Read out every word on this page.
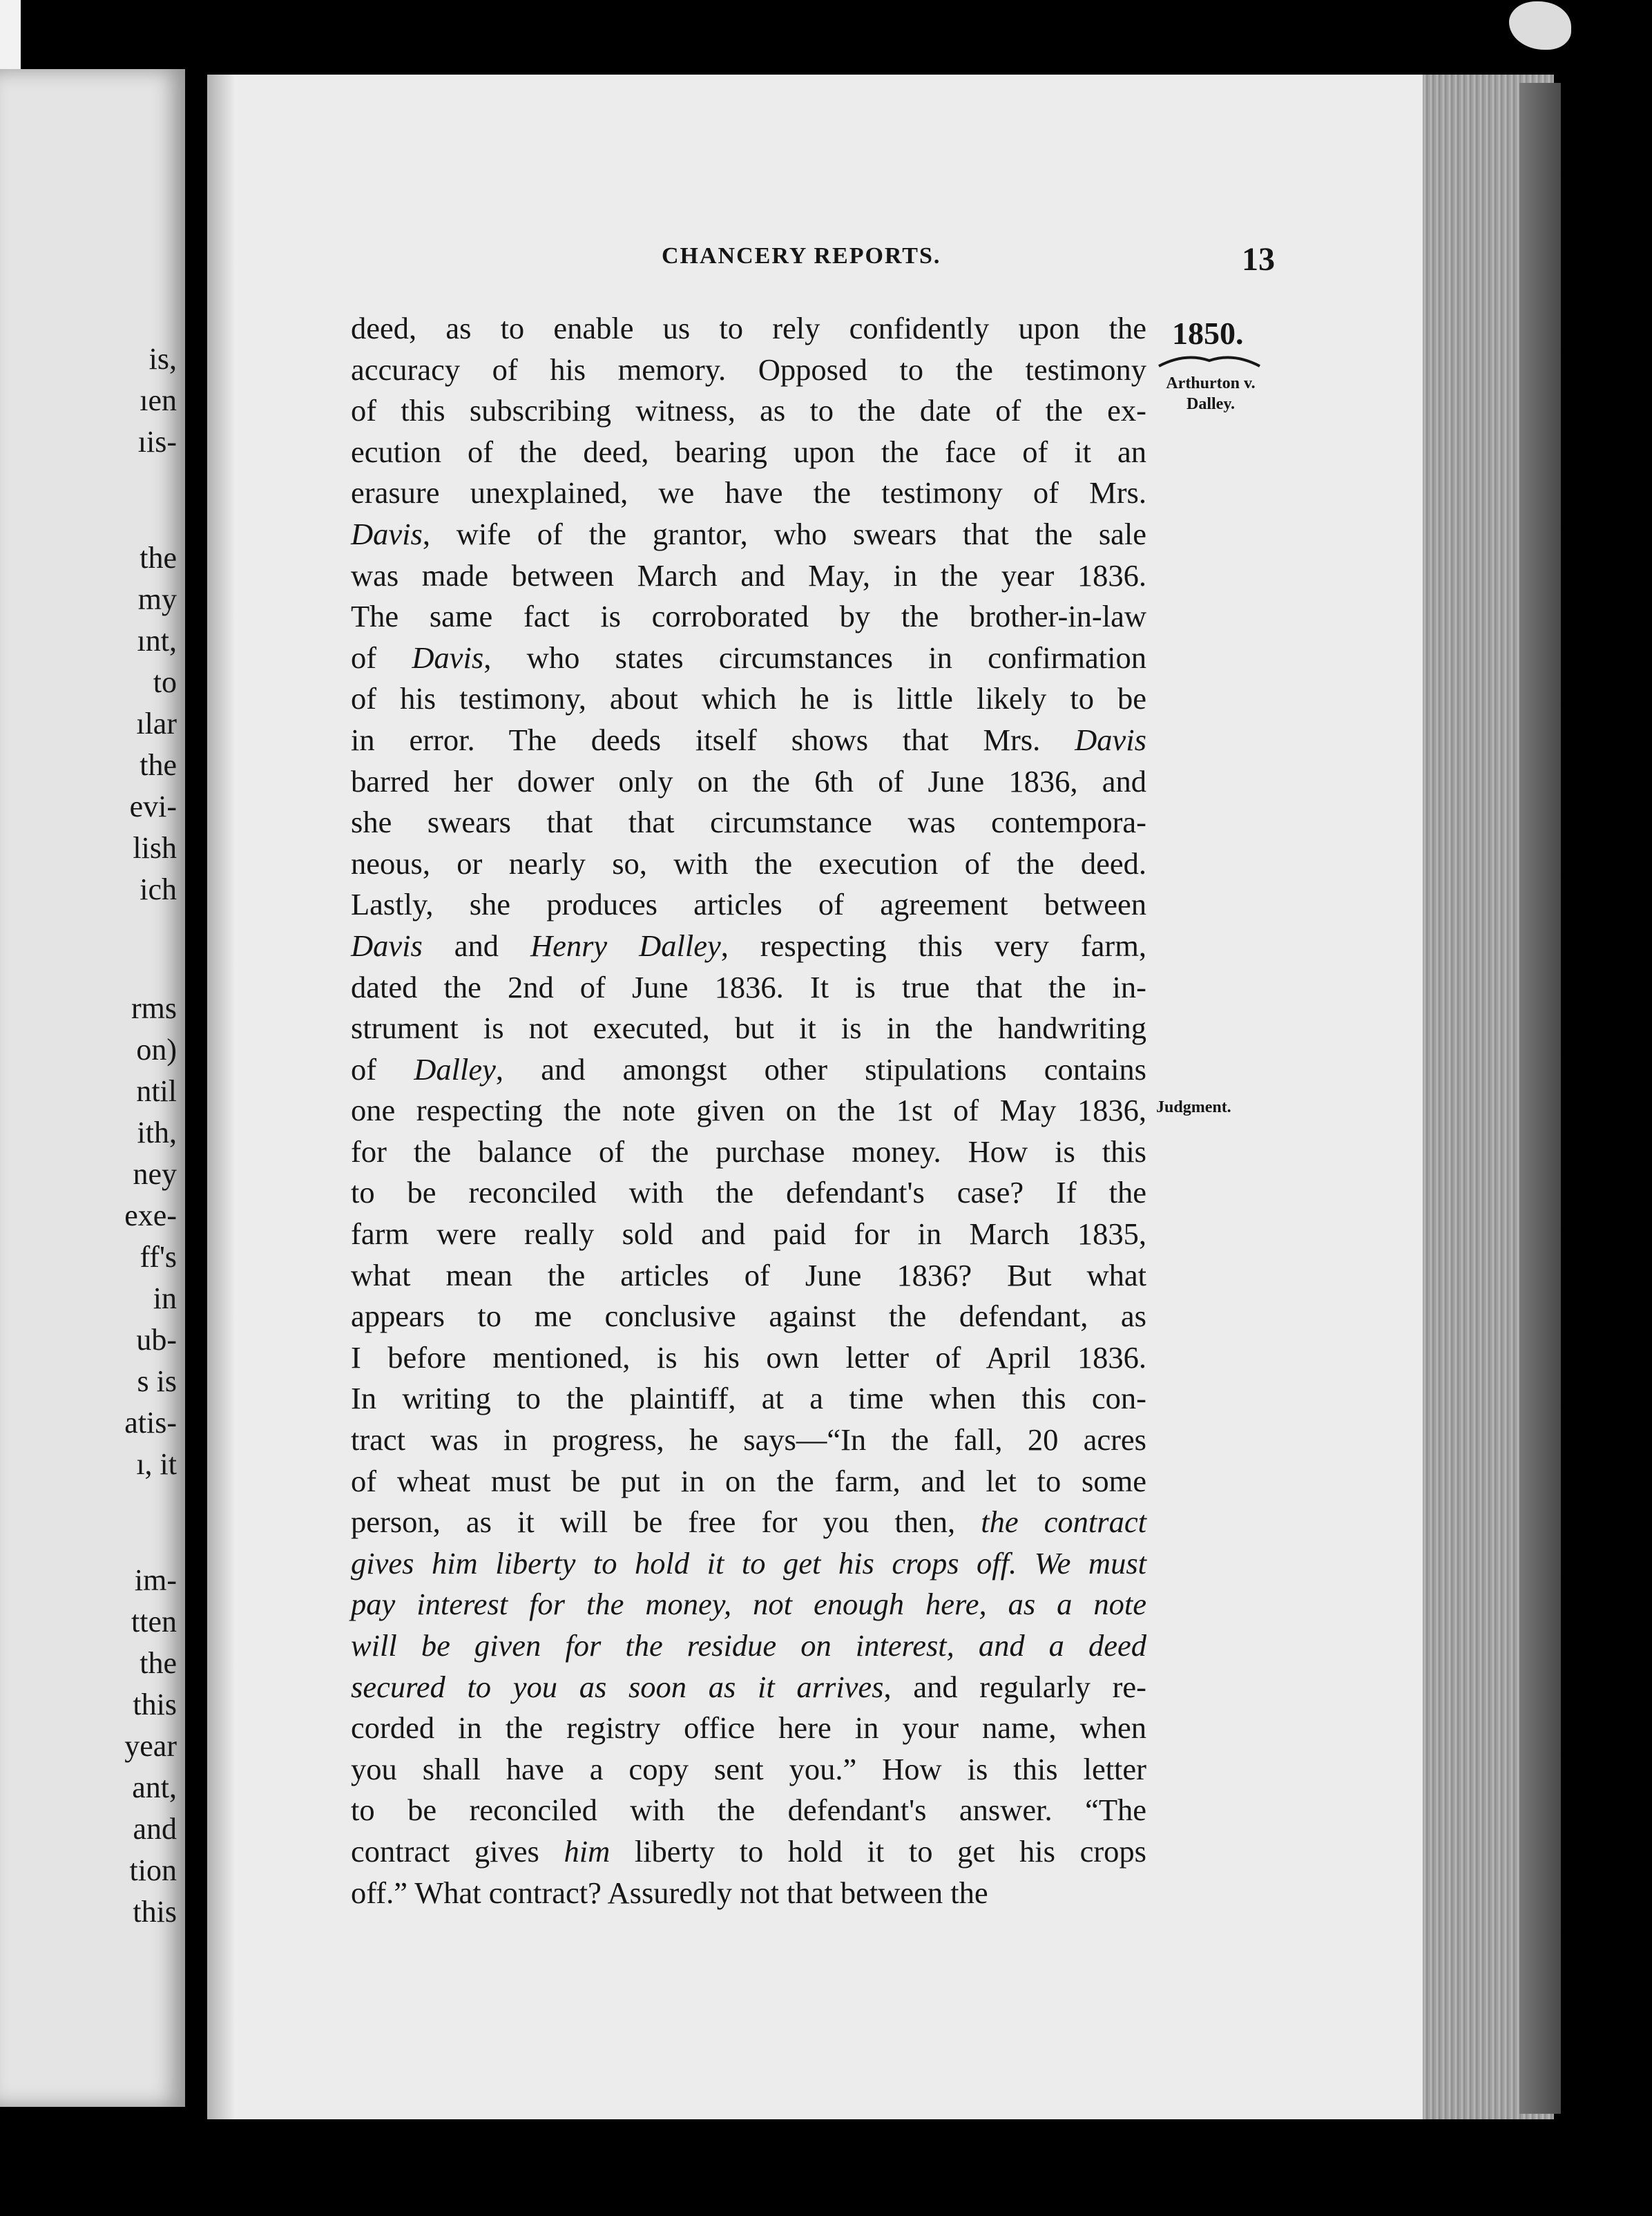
is,
ıen
ıis-
the
my
ınt,
to
ılar
the
evi-
lish
ich
rms
on)
ntil
ith,
ney
exe-
ff's
in
ub-
s is
atis-
ı, it
im-
tten
the
this
year
ant,
and
tion
this
CHANCERY REPORTS.	13
1850.
Arthurton v.
Dalley.
Judgment.
deed, as to enable us to rely confidently upon the
accuracy of his memory. Opposed to the testimony
of this subscribing witness, as to the date of the ex-
ecution of the deed, bearing upon the face of it an
erasure unexplained, we have the testimony of Mrs.
Davis, wife of the grantor, who swears that the sale
was made between March and May, in the year 1836.
The same fact is corroborated by the brother-in-law
of Davis, who states circumstances in confirmation
of his testimony, about which he is little likely to be
in error. The deeds itself shows that Mrs. Davis
barred her dower only on the 6th of June 1836, and
she swears that that circumstance was contempora-
neous, or nearly so, with the execution of the deed.
Lastly, she produces articles of agreement between
Davis and Henry Dalley, respecting this very farm,
dated the 2nd of June 1836. It is true that the in-
strument is not executed, but it is in the handwriting
of Dalley, and amongst other stipulations contains
one respecting the note given on the 1st of May 1836,
for the balance of the purchase money. How is this
to be reconciled with the defendant's case? If the
farm were really sold and paid for in March 1835,
what mean the articles of June 1836? But what
appears to me conclusive against the defendant, as
I before mentioned, is his own letter of April 1836.
In writing to the plaintiff, at a time when this con-
tract was in progress, he says—“In the fall, 20 acres
of wheat must be put in on the farm, and let to some
person, as it will be free for you then, the contract
gives him liberty to hold it to get his crops off. We must
pay interest for the money, not enough here, as a note
will be given for the residue on interest, and a deed
secured to you as soon as it arrives, and regularly re-
corded in the registry office here in your name, when
you shall have a copy sent you.” How is this letter
to be reconciled with the defendant's answer. “The
contract gives him liberty to hold it to get his crops
off.” What contract? Assuredly not that between the
